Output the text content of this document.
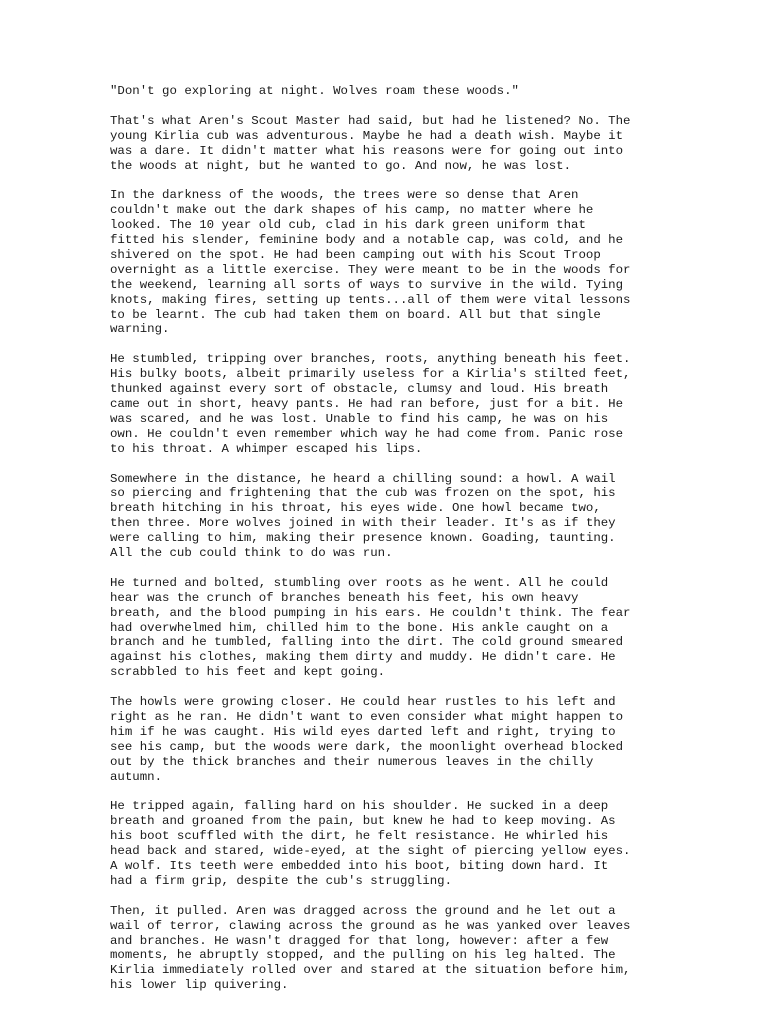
"Don't go exploring at night. Wolves roam these woods."

That's what Aren's Scout Master had said, but had he listened? No. The
young Kirlia cub was adventurous. Maybe he had a death wish. Maybe it
was a dare. It didn't matter what his reasons were for going out into
the woods at night, but he wanted to go. And now, he was lost.

In the darkness of the woods, the trees were so dense that Aren
couldn't make out the dark shapes of his camp, no matter where he
looked. The 10 year old cub, clad in his dark green uniform that
fitted his slender, feminine body and a notable cap, was cold, and he
shivered on the spot. He had been camping out with his Scout Troop
overnight as a little exercise. They were meant to be in the woods for
the weekend, learning all sorts of ways to survive in the wild. Tying
knots, making fires, setting up tents...all of them were vital lessons
to be learnt. The cub had taken them on board. All but that single
warning.

He stumbled, tripping over branches, roots, anything beneath his feet.
His bulky boots, albeit primarily useless for a Kirlia's stilted feet,
thunked against every sort of obstacle, clumsy and loud. His breath
came out in short, heavy pants. He had ran before, just for a bit. He
was scared, and he was lost. Unable to find his camp, he was on his
own. He couldn't even remember which way he had come from. Panic rose
to his throat. A whimper escaped his lips.

Somewhere in the distance, he heard a chilling sound: a howl. A wail
so piercing and frightening that the cub was frozen on the spot, his
breath hitching in his throat, his eyes wide. One howl became two,
then three. More wolves joined in with their leader. It's as if they
were calling to him, making their presence known. Goading, taunting.
All the cub could think to do was run.

He turned and bolted, stumbling over roots as he went. All he could
hear was the crunch of branches beneath his feet, his own heavy
breath, and the blood pumping in his ears. He couldn't think. The fear
had overwhelmed him, chilled him to the bone. His ankle caught on a
branch and he tumbled, falling into the dirt. The cold ground smeared
against his clothes, making them dirty and muddy. He didn't care. He
scrabbled to his feet and kept going.

The howls were growing closer. He could hear rustles to his left and
right as he ran. He didn't want to even consider what might happen to
him if he was caught. His wild eyes darted left and right, trying to
see his camp, but the woods were dark, the moonlight overhead blocked
out by the thick branches and their numerous leaves in the chilly
autumn.

He tripped again, falling hard on his shoulder. He sucked in a deep
breath and groaned from the pain, but knew he had to keep moving. As
his boot scuffled with the dirt, he felt resistance. He whirled his
head back and stared, wide-eyed, at the sight of piercing yellow eyes.
A wolf. Its teeth were embedded into his boot, biting down hard. It
had a firm grip, despite the cub's struggling.

Then, it pulled. Aren was dragged across the ground and he let out a
wail of terror, clawing across the ground as he was yanked over leaves
and branches. He wasn't dragged for that long, however: after a few
moments, he abruptly stopped, and the pulling on his leg halted. The
Kirlia immediately rolled over and stared at the situation before him,
his lower lip quivering.
